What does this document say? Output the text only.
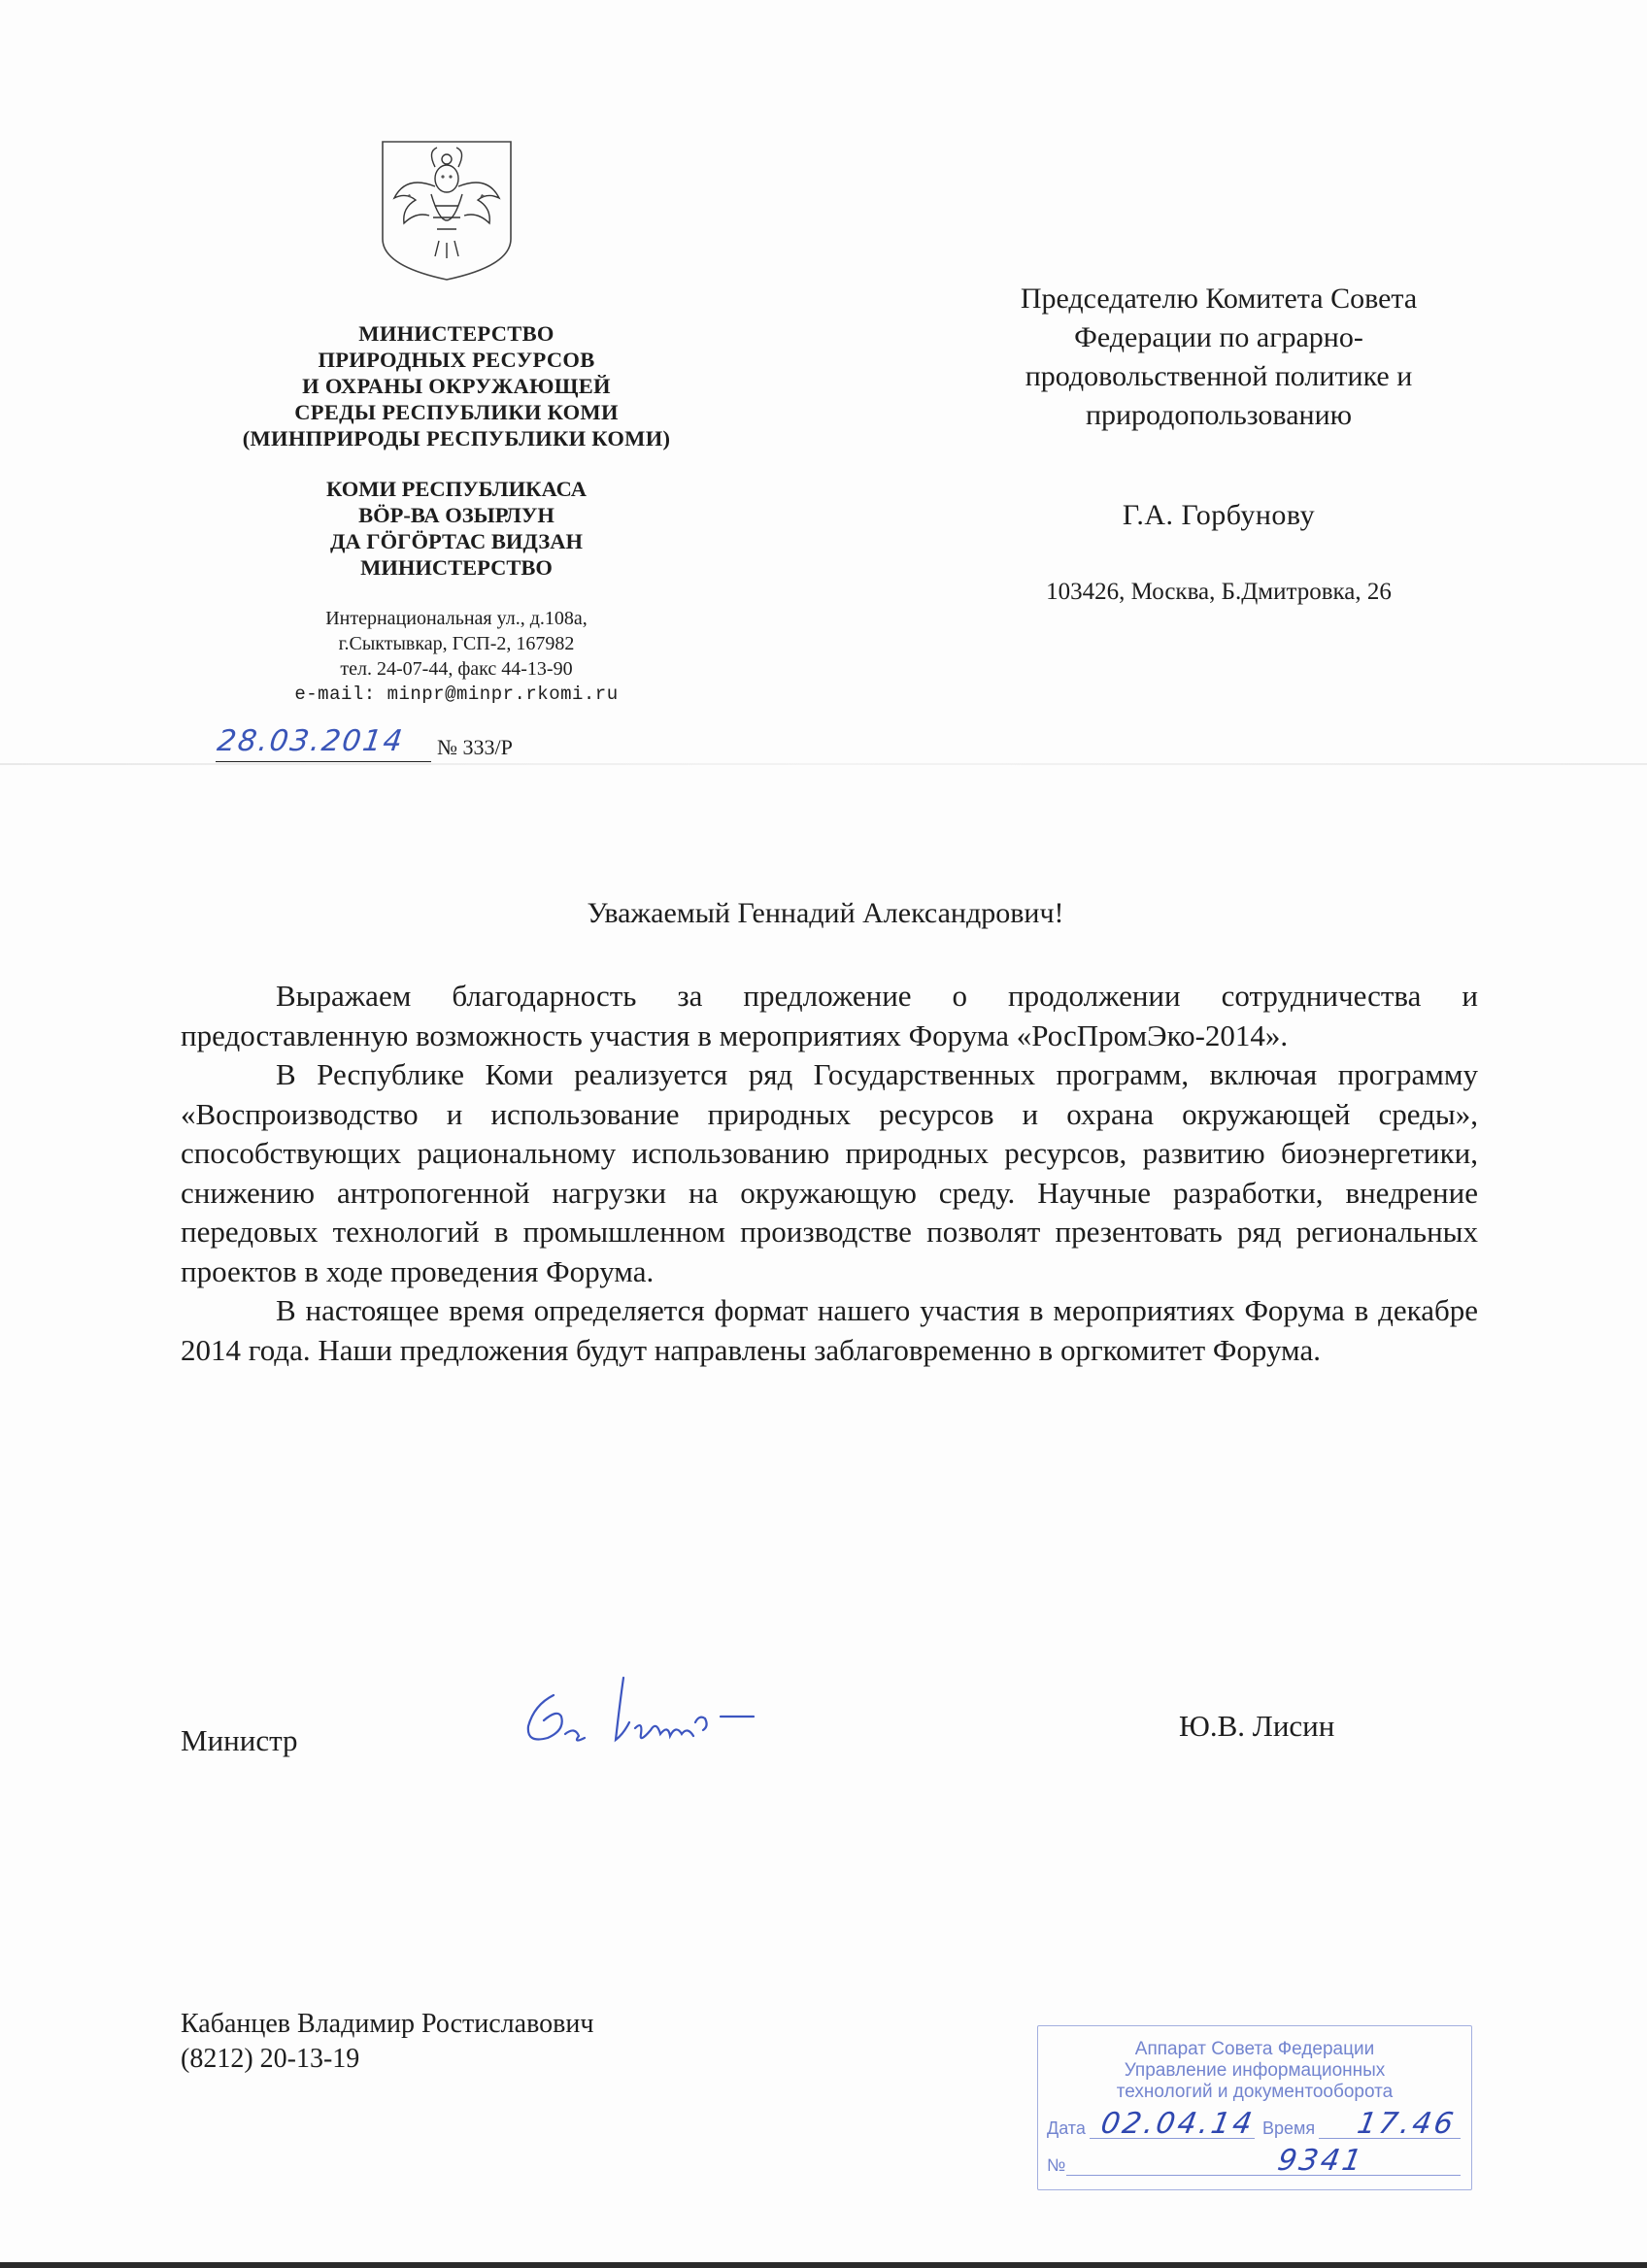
МИНИСТЕРСТВО
ПРИРОДНЫХ РЕСУРСОВ
И ОХРАНЫ ОКРУЖАЮЩЕЙ
СРЕДЫ РЕСПУБЛИКИ КОМИ
(МИНПРИРОДЫ РЕСПУБЛИКИ КОМИ)
КОМИ РЕСПУБЛИКАСА
ВӦР-ВА ОЗЫРЛУН
ДА ГӦГӦРТАС ВИДЗАН
МИНИСТЕРСТВО
Интернациональная ул., д.108а,
г.Сыктывкар, ГСП-2, 167982
тел. 24-07-44, факс 44-13-90
e-mail: minpr@minpr.rkomi.ru
28.03.2014 № 333/Р
Председателю Комитета Совета
Федерации по аграрно-
продовольственной политике и
природопользованию
Г.А. Горбунову
103426, Москва, Б.Дмитровка, 26
Уважаемый Геннадий Александрович!

Выражаем благодарность за предложение о продолжении сотрудничества и предоставленную возможность участия в мероприятиях Форума «РосПромЭко-2014».

В Республике Коми реализуется ряд Государственных программ, включая программу «Воспроизводство и использование природных ресурсов и охрана окружающей среды», способствующих рациональному использованию природных ресурсов, развитию биоэнергетики, снижению антропогенной нагрузки на окружающую среду. Научные разработки, внедрение передовых технологий в промышленном производстве позволят презентовать ряд региональных проектов в ходе проведения Форума.

В настоящее время определяется формат нашего участия в мероприятиях Форума в декабре 2014 года. Наши предложения будут направлены заблаговременно в оргкомитет Форума.

Министр	Ю.В. Лисин
Кабанцев Владимир Ростиславович
(8212) 20-13-19	Аппарат Совета Федерации
Управление информационных
технологий и документооборота
Дата 02.04.14 Время 17.46
№	9341
